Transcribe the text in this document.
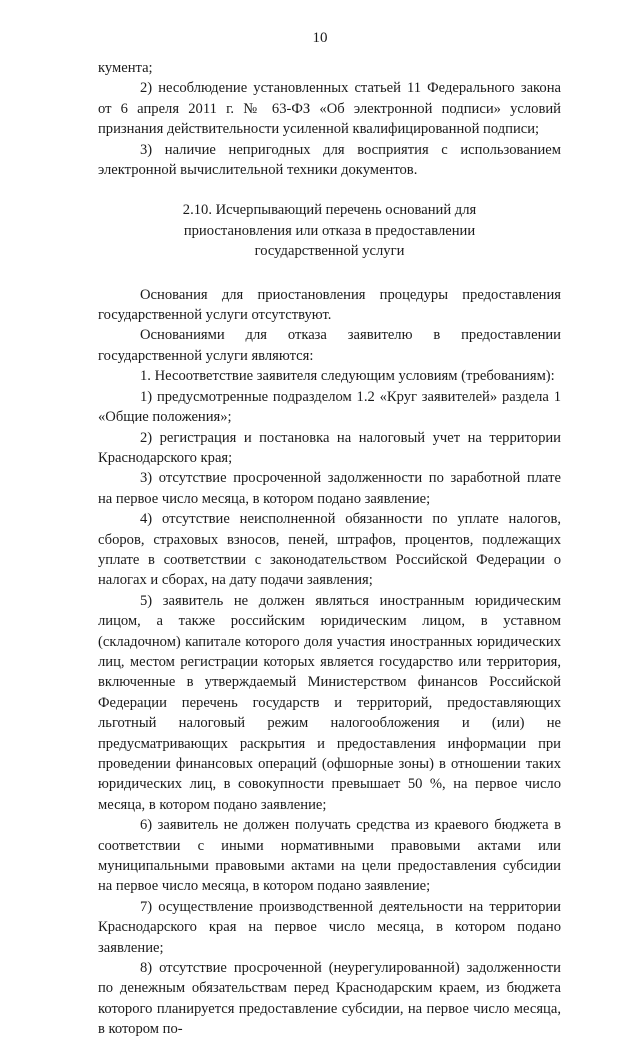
10

кумента;

2) несоблюдение установленных статьей 11 Федерального закона от 6 апреля 2011 г. № 63-ФЗ «Об электронной подписи» условий признания действительности усиленной квалифицированной подписи;

3) наличие непригодных для восприятия с использованием электронной вычислительной техники документов.

2.10. Исчерпывающий перечень оснований для приостановления или отказа в предоставлении государственной услуги

Основания для приостановления процедуры предоставления государственной услуги отсутствуют.

Основаниями для отказа заявителю в предоставлении государственной услуги являются:

1. Несоответствие заявителя следующим условиям (требованиям):

1) предусмотренные подразделом 1.2 «Круг заявителей» раздела 1 «Общие положения»;

2) регистрация и постановка на налоговый учет на территории Краснодарского края;

3) отсутствие просроченной задолженности по заработной плате на первое число месяца, в котором подано заявление;

4) отсутствие неисполненной обязанности по уплате налогов, сборов, страховых взносов, пеней, штрафов, процентов, подлежащих уплате в соответствии с законодательством Российской Федерации о налогах и сборах, на дату подачи заявления;

5) заявитель не должен являться иностранным юридическим лицом, а также российским юридическим лицом, в уставном (складочном) капитале которого доля участия иностранных юридических лиц, местом регистрации которых является государство или территория, включенные в утверждаемый Министерством финансов Российской Федерации перечень государств и территорий, предоставляющих льготный налоговый режим налогообложения и (или) не предусматривающих раскрытия и предоставления информации при проведении финансовых операций (офшорные зоны) в отношении таких юридических лиц, в совокупности превышает 50 %, на первое число месяца, в котором подано заявление;

6) заявитель не должен получать средства из краевого бюджета в соответствии с иными нормативными правовыми актами или муниципальными правовыми актами на цели предоставления субсидии на первое число месяца, в котором подано заявление;

7) осуществление производственной деятельности на территории Краснодарского края на первое число месяца, в котором подано заявление;

8) отсутствие просроченной (неурегулированной) задолженности по денежным обязательствам перед Краснодарским краем, из бюджета которого планируется предоставление субсидии, на первое число месяца, в котором по-
